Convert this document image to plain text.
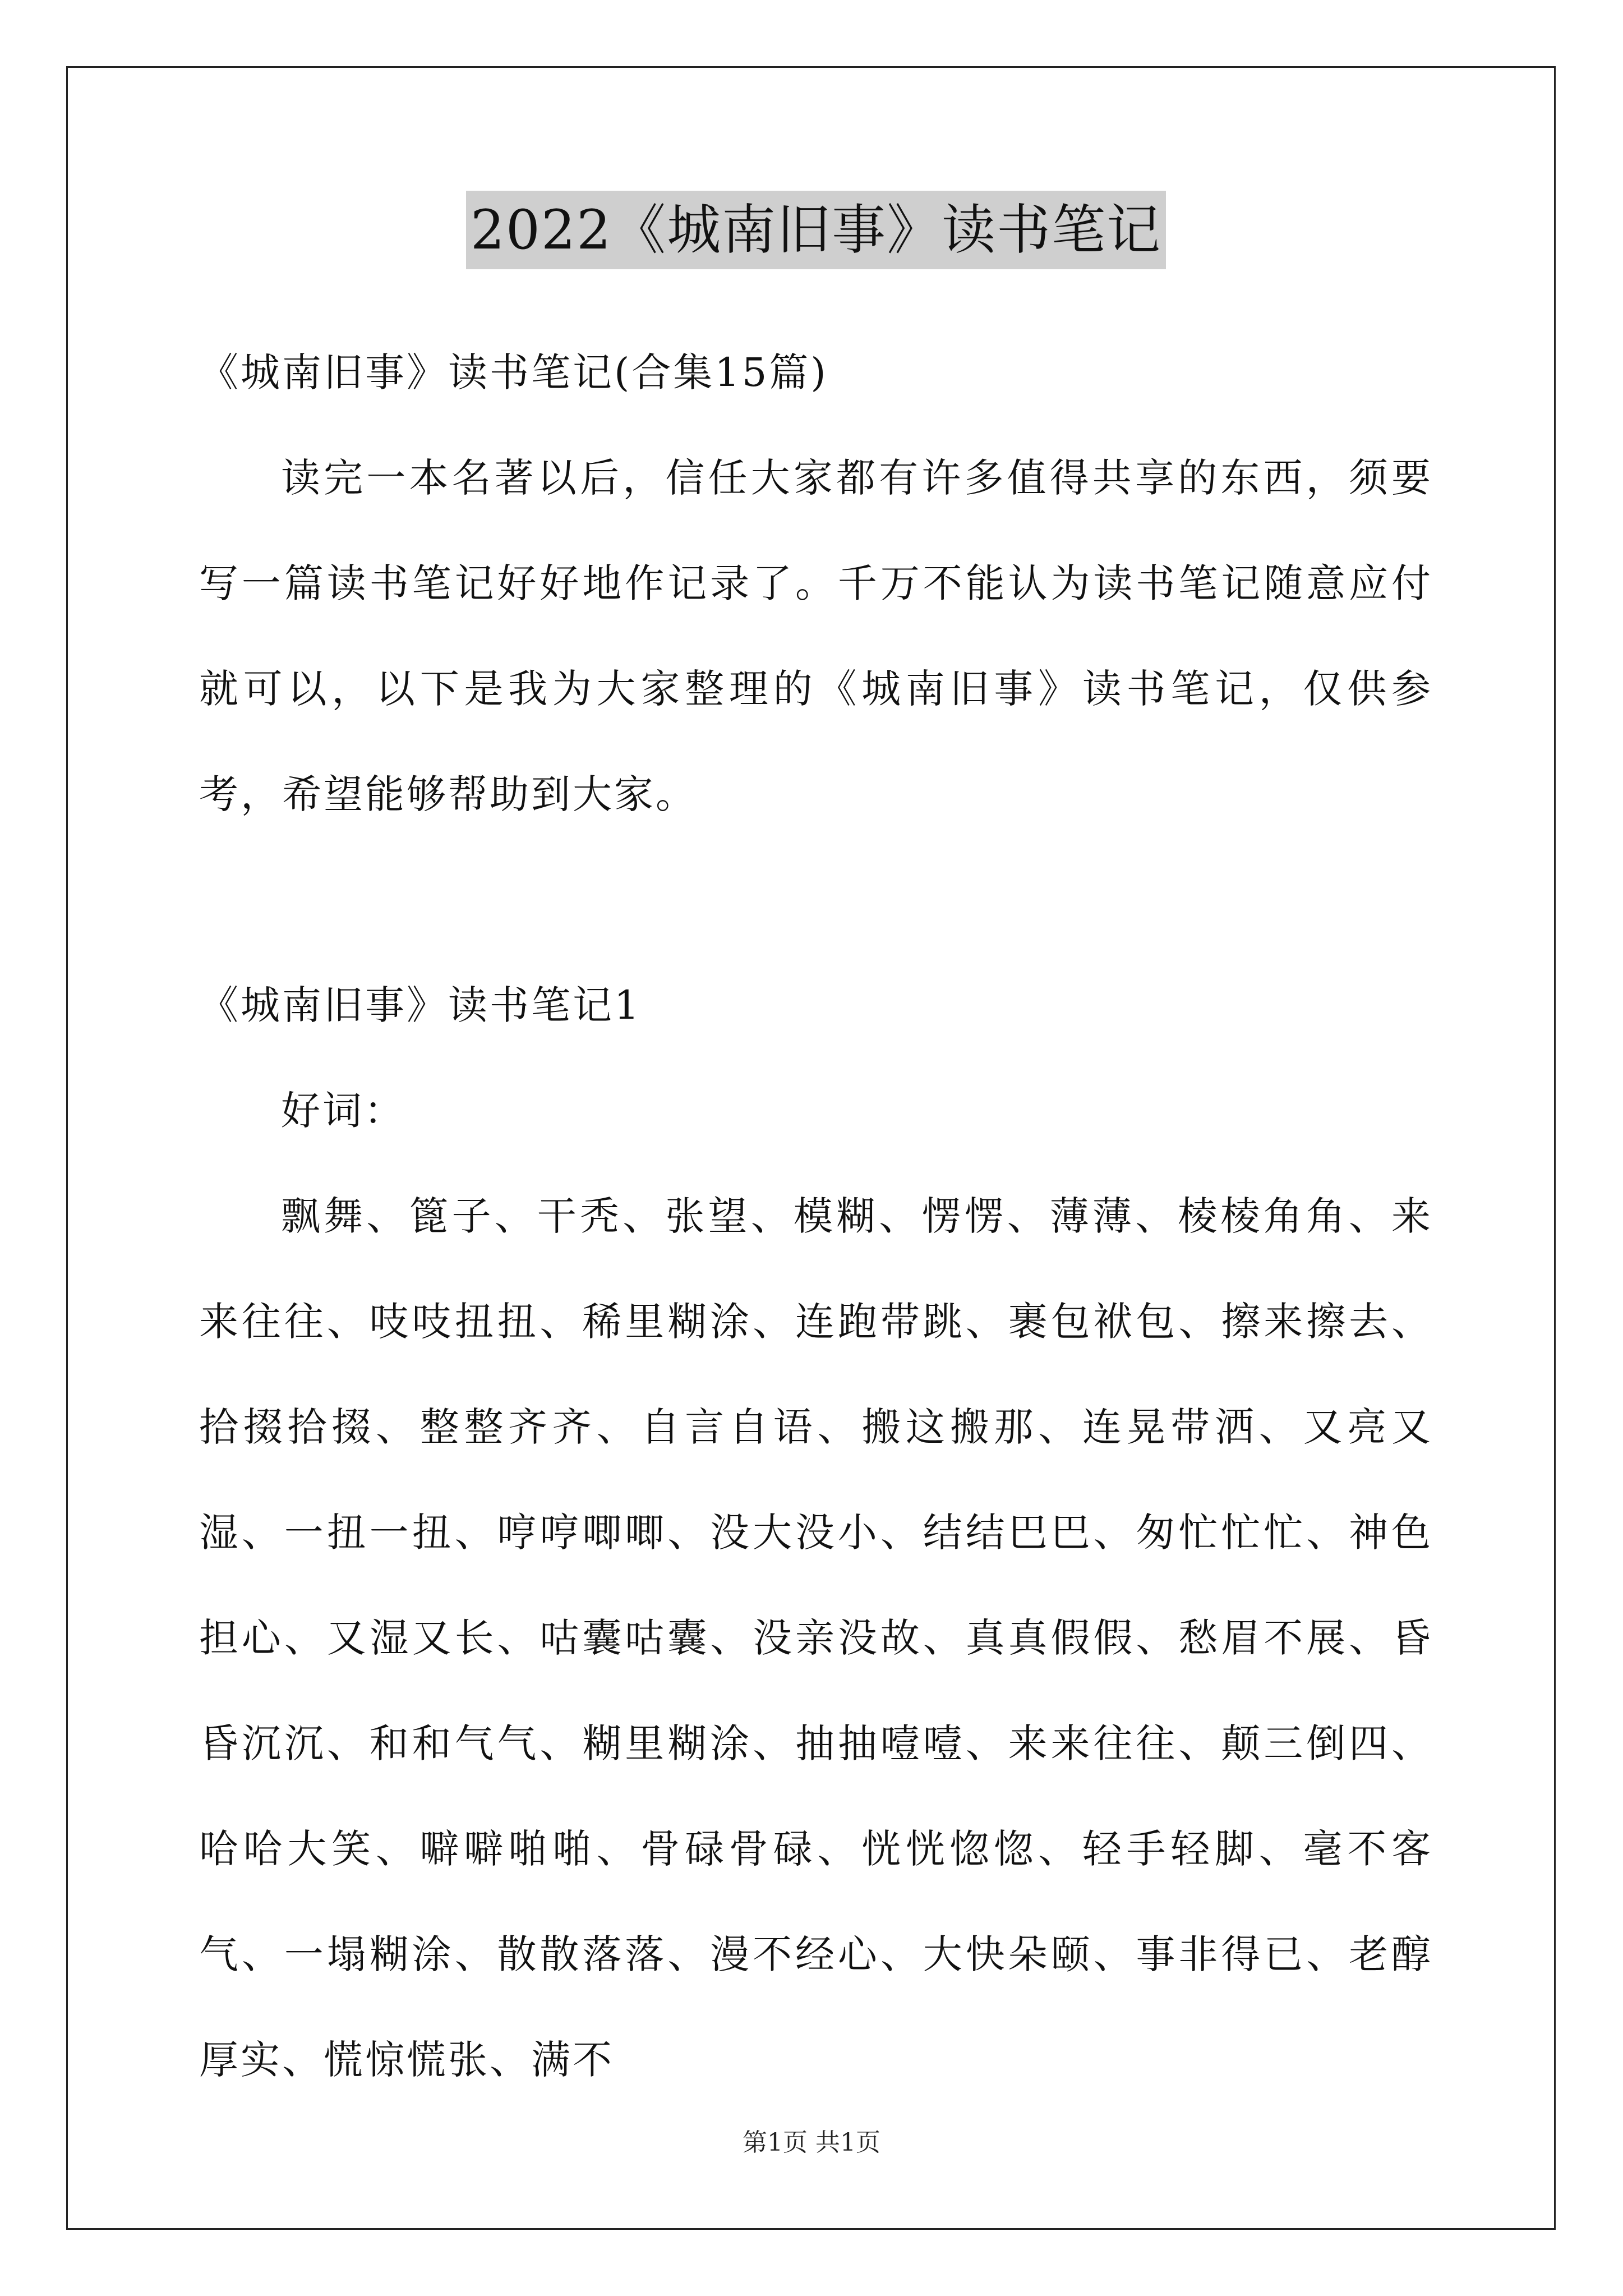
2022《城南旧事》读书笔记

《城南旧事》读书笔记(合集15篇)

读完一本名著以后，信任大家都有许多值得共享的东西，须要写一篇读书笔记好好地作记录了。千万不能认为读书笔记随意应付就可以，以下是我为大家整理的《城南旧事》读书笔记，仅供参考，希望能够帮助到大家。

《城南旧事》读书笔记1

好词：

飘舞、篦子、干秃、张望、模糊、愣愣、薄薄、棱棱角角、来来往往、吱吱扭扭、稀里糊涂、连跑带跳、裹包袱包、擦来擦去、拾掇拾掇、整整齐齐、自言自语、搬这搬那、连晃带洒、又亮又湿、一扭一扭、哼哼唧唧、没大没小、结结巴巴、匆忙忙忙、神色担心、又湿又长、咕囊咕囊、没亲没故、真真假假、愁眉不展、昏昏沉沉、和和气气、糊里糊涂、抽抽噎噎、来来往往、颠三倒四、哈哈大笑、噼噼啪啪、骨碌骨碌、恍恍惚惚、轻手轻脚、毫不客气、一塌糊涂、散散落落、漫不经心、大快朵颐、事非得已、老醇厚实、慌惊慌张、满不

第1页 共1页
